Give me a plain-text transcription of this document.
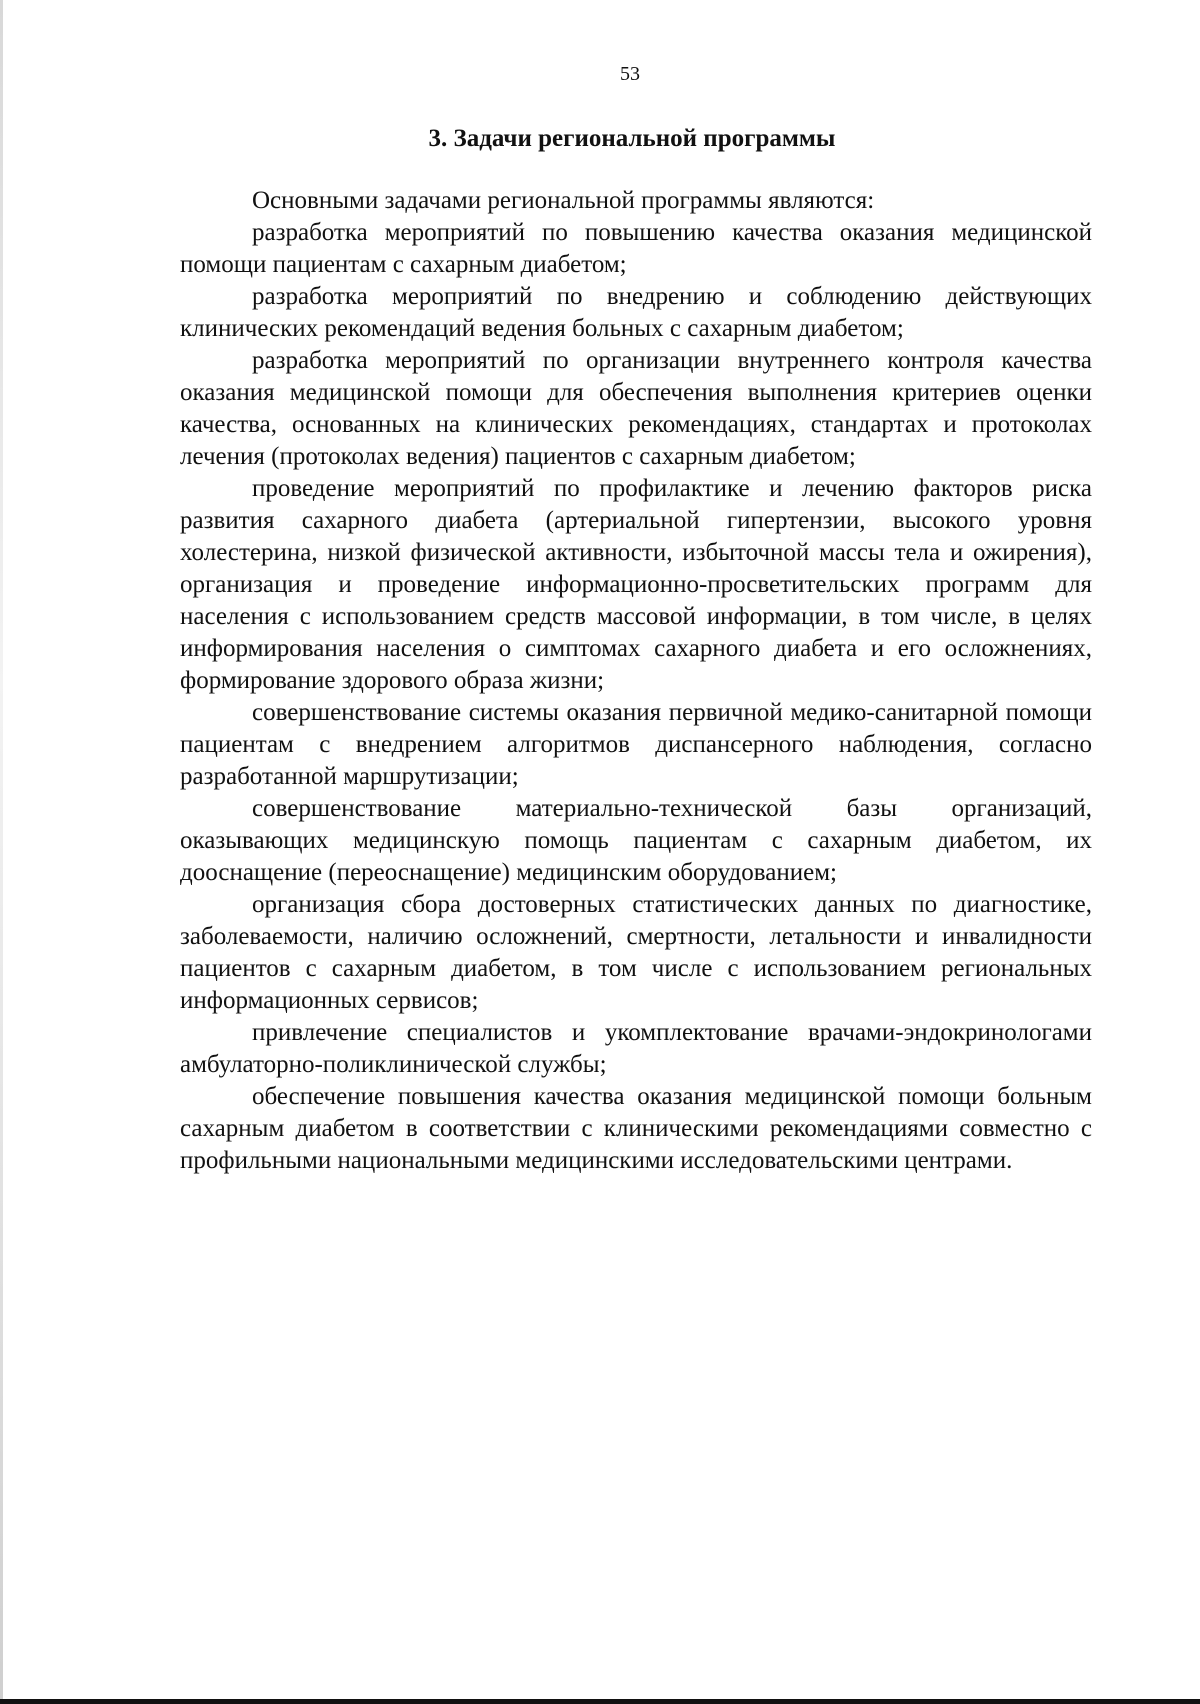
53
3. Задачи региональной программы

Основными задачами региональной программы являются:

разработка мероприятий по повышению качества оказания медицинской помощи пациентам с сахарным диабетом;

разработка мероприятий по внедрению и соблюдению действующих клинических рекомендаций ведения больных с сахарным диабетом;

разработка мероприятий по организации внутреннего контроля качества оказания медицинской помощи для обеспечения выполнения критериев оценки качества, основанных на клинических рекомендациях, стандартах и протоколах лечения (протоколах ведения) пациентов с сахарным диабетом;

проведение мероприятий по профилактике и лечению факторов риска развития сахарного диабета (артериальной гипертензии, высокого уровня холестерина, низкой физической активности, избыточной массы тела и ожирения), организация и проведение информационно-просветительских программ для населения с использованием средств массовой информации, в том числе, в целях информирования населения о симптомах сахарного диабета и его осложнениях, формирование здорового образа жизни;

совершенствование системы оказания первичной медико-санитарной помощи пациентам с внедрением алгоритмов диспансерного наблюдения, согласно разработанной маршрутизации;

совершенствование материально-технической базы организаций, оказывающих медицинскую помощь пациентам с сахарным диабетом, их дооснащение (переоснащение) медицинским оборудованием;

организация сбора достоверных статистических данных по диагностике, заболеваемости, наличию осложнений, смертности, летальности и инвалидности пациентов с сахарным диабетом, в том числе с использованием региональных информационных сервисов;

привлечение специалистов и укомплектование врачами-эндокринологами амбулаторно-поликлинической службы;

обеспечение повышения качества оказания медицинской помощи больным сахарным диабетом в соответствии с клиническими рекомендациями совместно с профильными национальными медицинскими исследовательскими центрами.
